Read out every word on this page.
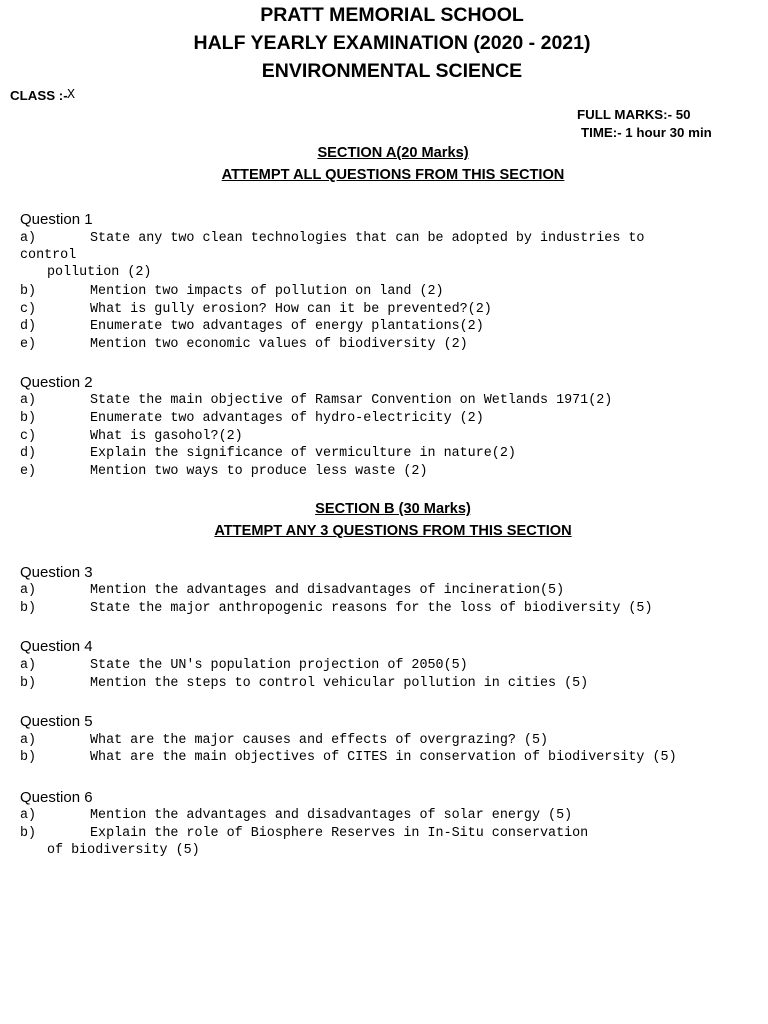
PRATT MEMORIAL SCHOOL
HALF YEARLY EXAMINATION (2020 - 2021)
ENVIRONMENTAL SCIENCE
CLASS :- X
FULL MARKS:- 50
TIME:- 1 hour 30 min
SECTION A(20 Marks)
ATTEMPT ALL QUESTIONS FROM THIS SECTION
Question 1
a)	State any two clean technologies that can be adopted by industries to
control
pollution (2)
b)	Mention two impacts of pollution on land (2)
c)	What is gully erosion? How can it be prevented?(2)
d)	Enumerate two advantages of energy plantations(2)
e)	Mention two economic values of biodiversity (2)
Question 2
a)	State the main objective of Ramsar Convention on Wetlands 1971(2)
b)	Enumerate two advantages of hydro-electricity (2)
c)	What is gasohol?(2)
d)	Explain the significance of vermiculture in nature(2)
e)	Mention two ways to produce less waste (2)
SECTION B (30 Marks)
ATTEMPT ANY 3 QUESTIONS FROM THIS SECTION
Question 3
a)	Mention the advantages and disadvantages of incineration(5)
b)	State the major anthropogenic reasons for the loss of biodiversity (5)
Question 4
a)	State the UN's population projection of 2050(5)
b)	Mention the steps to control vehicular pollution in cities (5)
Question 5
a)	What are the major causes and effects of overgrazing? (5)
b)	What are the main objectives of CITES in conservation of biodiversity (5)
Question 6
a)	Mention the advantages and disadvantages of solar energy (5)
b)	Explain the role of Biosphere Reserves in In-Situ conservation
of biodiversity (5)
